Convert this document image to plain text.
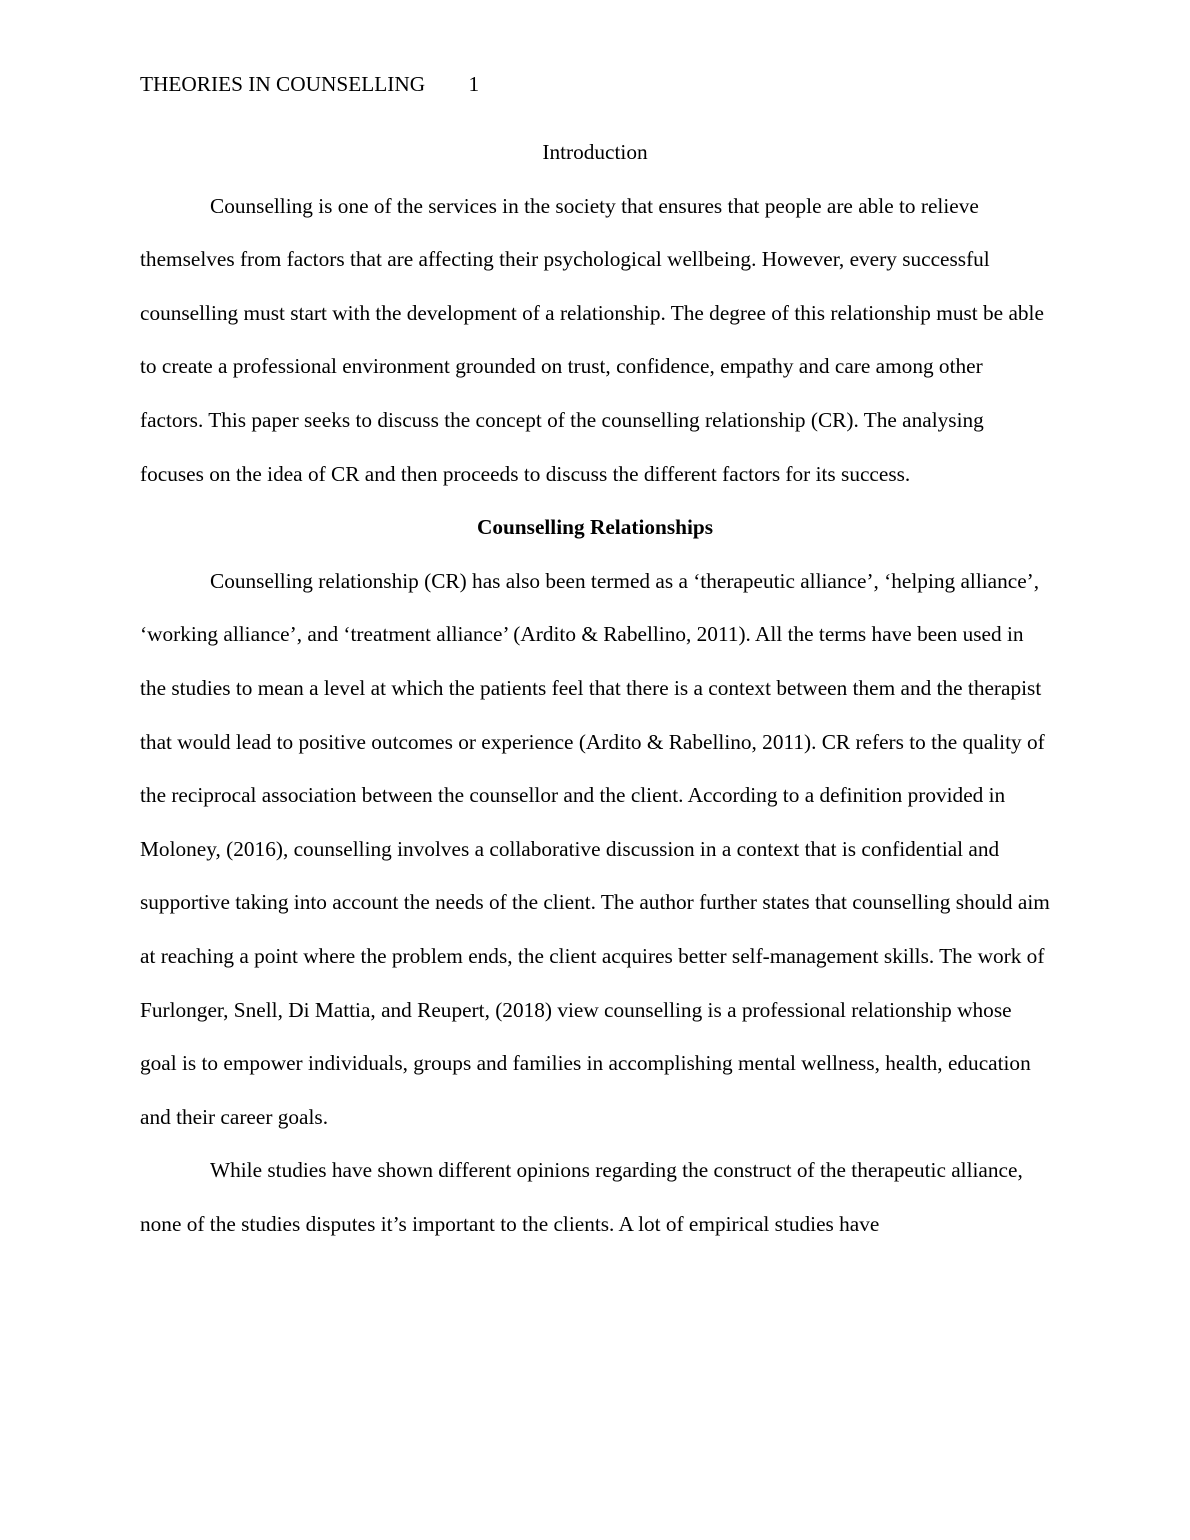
THEORIES IN COUNSELLING 1
Introduction

Counselling is one of the services in the society that ensures that people are able to relieve themselves from factors that are affecting their psychological wellbeing. However, every successful counselling must start with the development of a relationship. The degree of this relationship must be able to create a professional environment grounded on trust, confidence, empathy and care among other factors. This paper seeks to discuss the concept of the counselling relationship (CR). The analysing focuses on the idea of CR and then proceeds to discuss the different factors for its success.

Counselling Relationships

Counselling relationship (CR) has also been termed as a ‘therapeutic alliance’, ‘helping alliance’, ‘working alliance’, and ‘treatment alliance’ (Ardito & Rabellino, 2011). All the terms have been used in the studies to mean a level at which the patients feel that there is a context between them and the therapist that would lead to positive outcomes or experience (Ardito & Rabellino, 2011). CR refers to the quality of the reciprocal association between the counsellor and the client. According to a definition provided in Moloney, (2016), counselling involves a collaborative discussion in a context that is confidential and supportive taking into account the needs of the client. The author further states that counselling should aim at reaching a point where the problem ends, the client acquires better self-management skills. The work of Furlonger, Snell, Di Mattia, and Reupert, (2018) view counselling is a professional relationship whose goal is to empower individuals, groups and families in accomplishing mental wellness, health, education and their career goals.

While studies have shown different opinions regarding the construct of the therapeutic alliance, none of the studies disputes it’s important to the clients. A lot of empirical studies have
